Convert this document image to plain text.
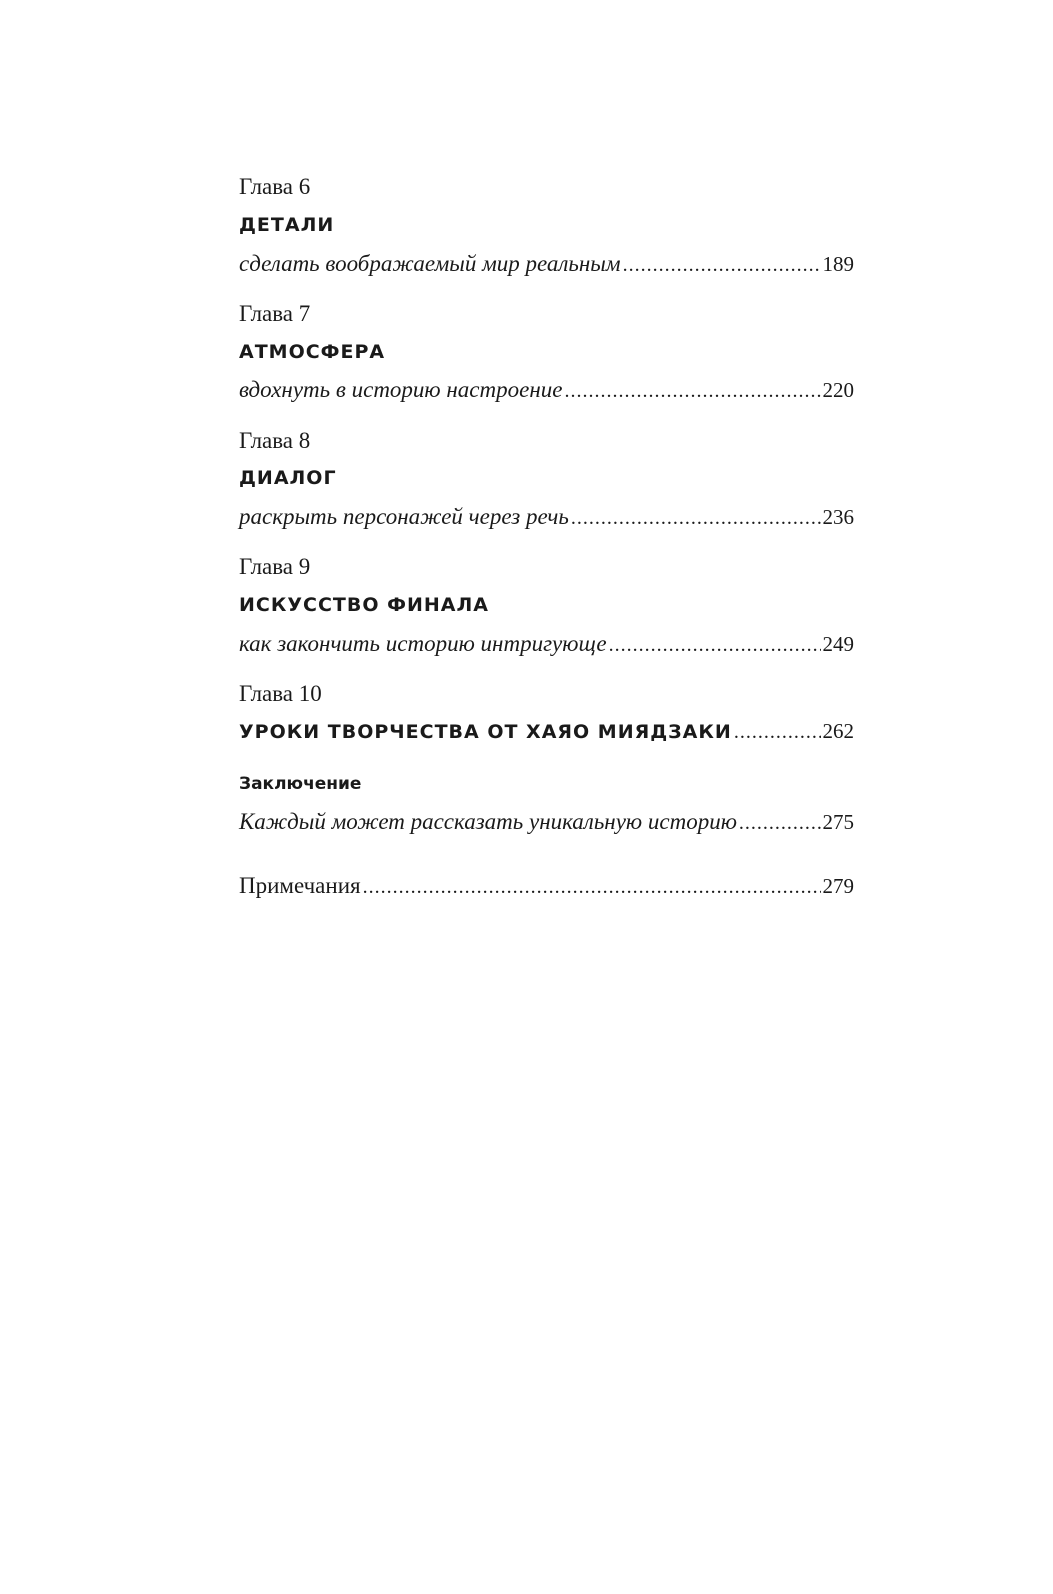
Глава 6
ДЕТАЛИ
сделать воображаемый мир реальным .....	189
Глава 7
АТМОСФЕРА
вдохнуть в историю настроение .....	220
Глава 8
ДИАЛОГ
раскрыть персонажей через речь .....	236
Глава 9
ИСКУССТВО ФИНАЛА
как закончить историю интригующе .....	249
Глава 10
УРОКИ ТВОРЧЕСТВА ОТ ХАЯО МИЯДЗАКИ .....	262
Заключение
Каждый может рассказать уникальную историю .....	275
Примечания .....	279
